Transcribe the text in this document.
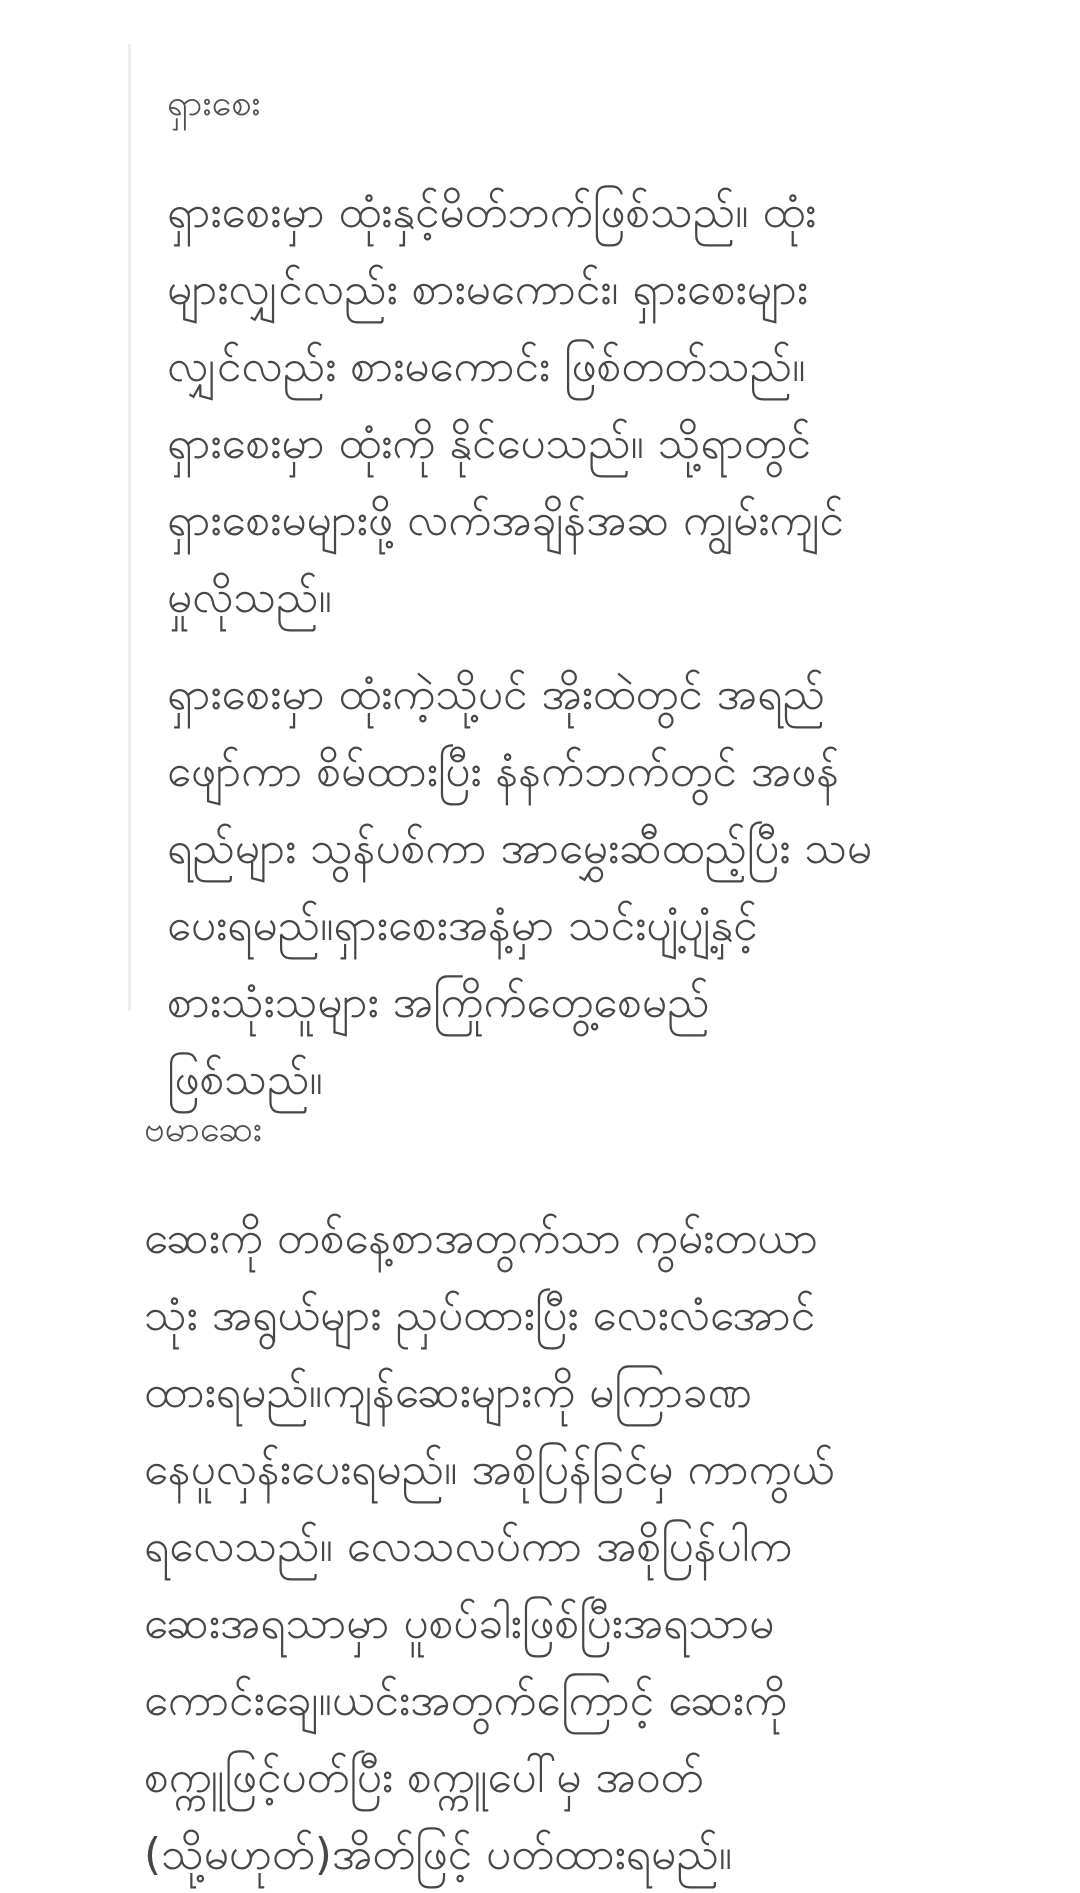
ရှားစေး

ရှားစေးမှာ ထုံးနှင့်မိတ်ဘက်ဖြစ်သည်။ ထုံး
များလျှင်လည်း စားမကောင်း၊ ရှားစေးများ
လျှင်လည်း စားမကောင်း ဖြစ်တတ်သည်။
ရှားစေးမှာ ထုံးကို နိုင်ပေသည်။ သို့ရာတွင်
ရှားစေးမများဖို့ လက်အချိန်အဆ ကျွမ်းကျင်
မှုလိုသည်။

ရှားစေးမှာ ထုံးကဲ့သို့ပင် အိုးထဲတွင် အရည်
ဖျော်ကာ စိမ်ထားပြီး နံနက်ဘက်တွင် အဖန်
ရည်များ သွန်ပစ်ကာ အာမွှေးဆီထည့်ပြီး သမ
ပေးရမည်။ရှားစေးအနံ့မှာ သင်းပျံ့ပျံ့နှင့်
စားသုံးသူများ အကြိုက်တွေ့စေမည်
ဖြစ်သည်။

ဗမာဆေး

ဆေးကို တစ်နေ့စာအတွက်သာ ကွမ်းတယာ
သုံး အရွယ်များ ညှပ်ထားပြီး လေးလံအောင်
ထားရမည်။ကျန်ဆေးများကို မကြာခဏ
နေပူလှန်းပေးရမည်။ အစိုပြန်ခြင်မှ ကာကွယ်
ရလေသည်။ လေသလပ်ကာ အစိုပြန်ပါက
ဆေးအရသာမှာ ပူစပ်ခါးဖြစ်ပြီးအရသာမ
ကောင်းချေ။ယင်းအတွက်ကြောင့် ဆေးကို
စက္ကူဖြင့်ပတ်ပြီး စက္ကူပေါ်မှ အဝတ်
(သို့မဟုတ်)အိတ်ဖြင့် ပတ်ထားရမည်။
